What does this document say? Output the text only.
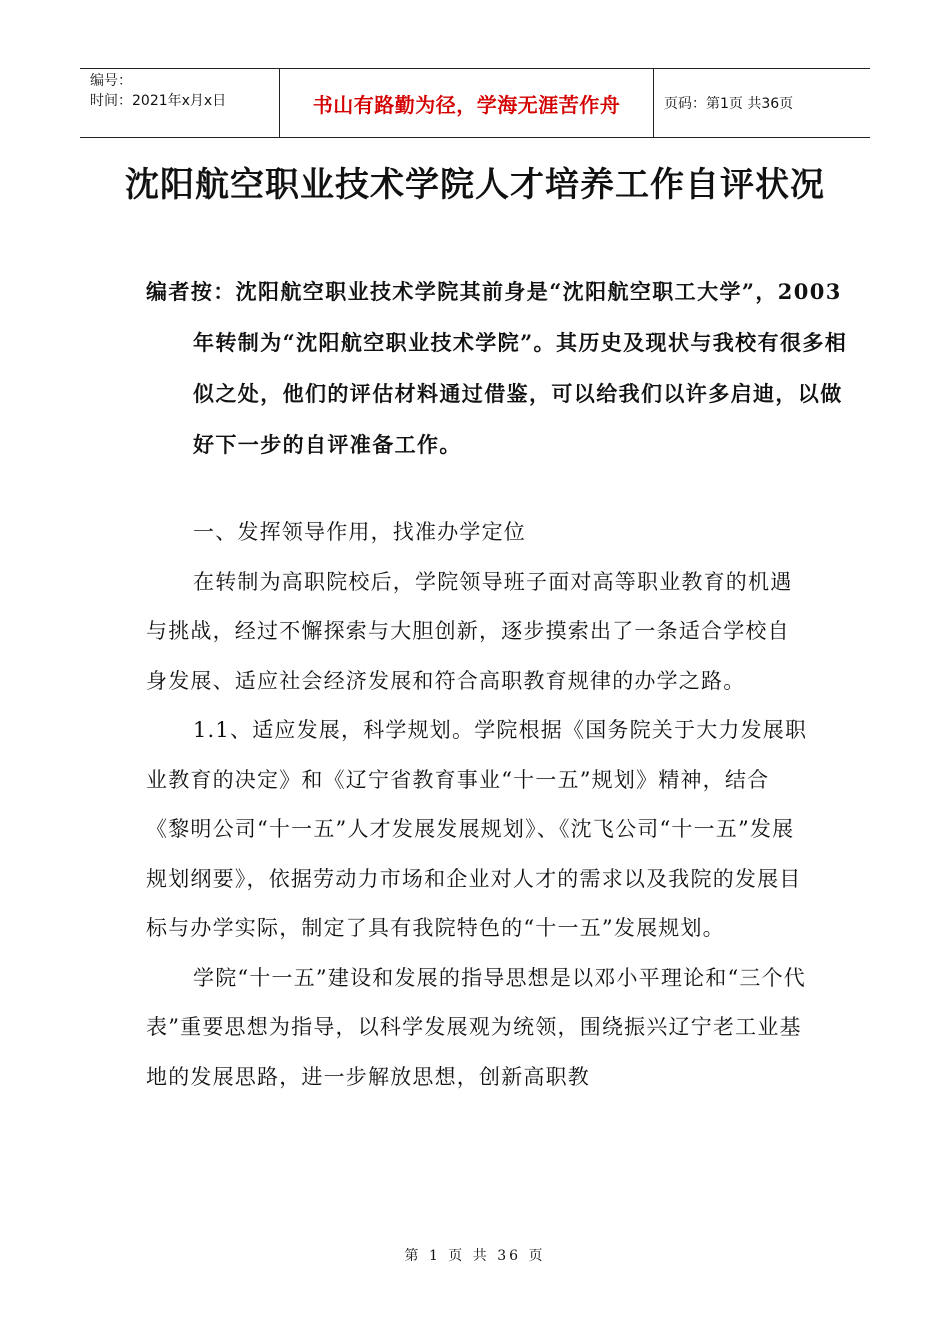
编号：
时间：2021年x月x日	书山有路勤为径，学海无涯苦作舟	页码：第1页 共36页
沈阳航空职业技术学院人才培养工作自评状况
编者按：沈阳航空职业技术学院其前身是“沈阳航空职工大学”，2003年转制为“沈阳航空职业技术学院”。其历史及现状与我校有很多相似之处，他们的评估材料通过借鉴，可以给我们以许多启迪，以做好下一步的自评准备工作。

一、发挥领导作用，找准办学定位

在转制为高职院校后，学院领导班子面对高等职业教育的机遇与挑战，经过不懈探索与大胆创新，逐步摸索出了一条适合学校自身发展、适应社会经济发展和符合高职教育规律的办学之路。

1.1、适应发展，科学规划。学院根据《国务院关于大力发展职业教育的决定》和《辽宁省教育事业“十一五”规划》精神，结合《黎明公司“十一五”人才发展发展规划》、《沈飞公司“十一五”发展规划纲要》，依据劳动力市场和企业对人才的需求以及我院的发展目标与办学实际，制定了具有我院特色的“十一五”发展规划。

学院“十一五”建设和发展的指导思想是以邓小平理论和“三个代表”重要思想为指导，以科学发展观为统领，围绕振兴辽宁老工业基地的发展思路，进一步解放思想，创新高职教

第 1 页 共 36 页
